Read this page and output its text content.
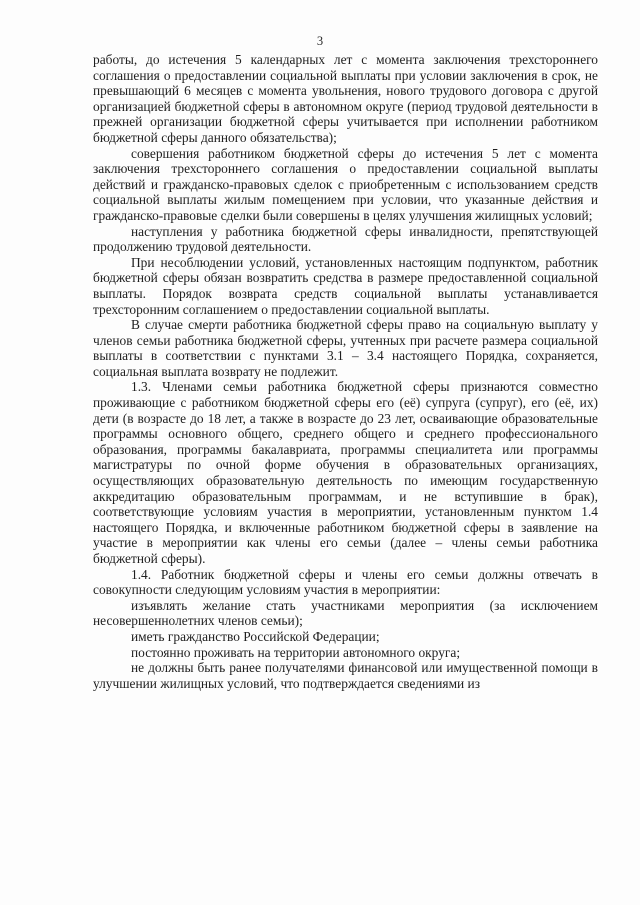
3

работы, до истечения 5 календарных лет с момента заключения трехстороннего соглашения о предоставлении социальной выплаты при условии заключения в срок, не превышающий 6 месяцев с момента увольнения, нового трудового договора с другой организацией бюджетной сферы в автономном округе (период трудовой деятельности в прежней организации бюджетной сферы учитывается при исполнении работником бюджетной сферы данного обязательства);

совершения работником бюджетной сферы до истечения 5 лет с момента заключения трехстороннего соглашения о предоставлении социальной выплаты действий и гражданско-правовых сделок с приобретенным с использованием средств социальной выплаты жилым помещением при условии, что указанные действия и гражданско-правовые сделки были совершены в целях улучшения жилищных условий;

наступления у работника бюджетной сферы инвалидности, препятствующей продолжению трудовой деятельности.

При несоблюдении условий, установленных настоящим подпунктом, работник бюджетной сферы обязан возвратить средства в размере предоставленной социальной выплаты. Порядок возврата средств социальной выплаты устанавливается трехсторонним соглашением о предоставлении социальной выплаты.

В случае смерти работника бюджетной сферы право на социальную выплату у членов семьи работника бюджетной сферы, учтенных при расчете размера социальной выплаты в соответствии с пунктами 3.1 – 3.4 настоящего Порядка, сохраняется, социальная выплата возврату не подлежит.

1.3. Членами семьи работника бюджетной сферы признаются совместно проживающие с работником бюджетной сферы его (её) супруга (супруг), его (её, их) дети (в возрасте до 18 лет, а также в возрасте до 23 лет, осваивающие образовательные программы основного общего, среднего общего и среднего профессионального образования, программы бакалавриата, программы специалитета или программы магистратуры по очной форме обучения в образовательных организациях, осуществляющих образовательную деятельность по имеющим государственную аккредитацию образовательным программам, и не вступившие в брак), соответствующие условиям участия в мероприятии, установленным пунктом 1.4 настоящего Порядка, и включенные работником бюджетной сферы в заявление на участие в мероприятии как члены его семьи (далее – члены семьи работника бюджетной сферы).

1.4. Работник бюджетной сферы и члены его семьи должны отвечать в совокупности следующим условиям участия в мероприятии:

изъявлять желание стать участниками мероприятия (за исключением несовершеннолетних членов семьи);

иметь гражданство Российской Федерации;

постоянно проживать на территории автономного округа;

не должны быть ранее получателями финансовой или имущественной помощи в улучшении жилищных условий, что подтверждается сведениями из
